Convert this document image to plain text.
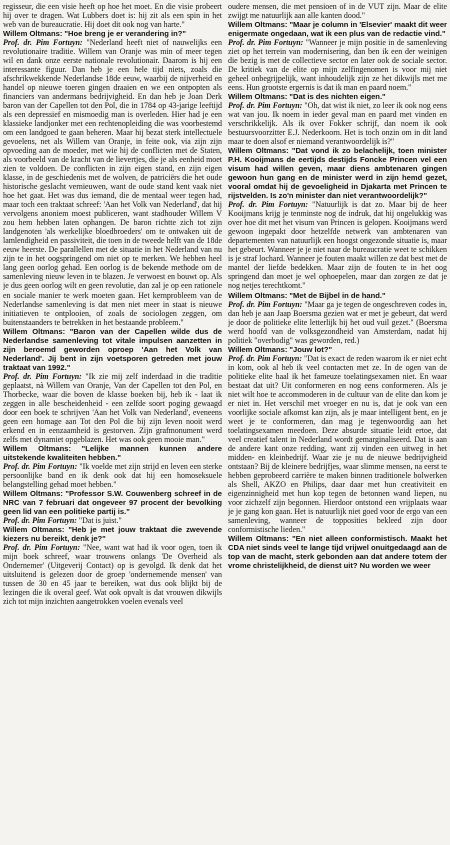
regisseur, die een visie heeft op hoe het moet. En die visie probeert hij over te dragen. Wat Lubbers doet is: hij zit als een spin in het web van de bureaucratie. Hij doet dit ook nog van harte."

Willem Oltmans: "Hoe breng je er verandering in?"

Prof. dr. Pim Fortuyn: "Nederland heeft niet of nauwelijks een revolutionaire traditie. Willem van Oranje was min of meer tegen wil en dank onze eerste nationale revolutionair. Daarom is hij een interessante figuur. Dan heb je een hele tijd niets, zoals die afschrikwekkende Nederlandse 18de eeuw, waarbij de nijverheid en handel op nieuwe toeren gingen draaien en we een ontpopten als financiers van andermans bedrijvigheid. En dan heb je Joan Derk baron van der Capellen tot den Pol, die in 1784 op 43-jarige leeftijd als een depressief en mismoedig man is overleden. Hier had je een klassieke landjonker met een rechtenopleiding die was voorbestemd om een landgoed te gaan beheren. Maar hij bezat sterk intellectuele gevoelens, net als Willem van Oranje, in feite ook, via zijn zijn opvoeding aan de moeder, met wie hij de conflicten met de Staten, als voorbeeld van de kracht van de lievertjes, die je als eenheid moet zien te voldoen. De conflicten in zijn eigen stand, en zijn eigen klasse, in de geschiedenis met de wolven, de patriciërs die het oude historische geslacht vernieuwen, want de oude stand kent vaak niet hoe het gaat. Het was dus iemand, die de mentaal weer tegen had, maar toch een traktaat schreef: 'Aan het Volk van Nederland', dat hij vervolgens anoniem moest publiceren, want stadhouder Willem V zou hem hebben laten ophangen. De baron richtte zich tot zijn landgenoten 'als werkelijke bloedbroeders' om te ontwaken uit de lamlendigheid en passiviteit, die toen in de tweede helft van de 18de eeuw heerste. De parallellen met de situatie in het Nederland van nu zijn te in het oogspringend om niet op te merken. We hebben heel lang geen oorlog gehad. Een oorlog is de bekende methode om de samenleving nieuw leven in te blazen. Je verwoest en bouwt op. Als je dus geen oorlog wilt en geen revolutie, dan zal je op een rationele en sociale manier te werk moeten gaan. Het kernprobleem van de Nederlandse samenleving is dat men niet meer in staat is nieuwe initiatieven te ontplooien, of zoals de sociologen zeggen, om buitenstaanders te betrekken in het bestaande probleem."

Willem Oltmans: "Baron van der Capellen wilde dus de Nederlandse samenleving tot vitale impulsen aanzetten in zijn beroemd geworden oproep 'Aan het Volk van Nederland'. Jij bent in zijn voetsporen getreden met jouw traktaat van 1992."

Prof. dr. Pim Fortuyn: "Ik zie mij zelf inderdaad in die traditie geplaatst, nà Willem van Oranje, Van der Capellen tot den Pol, en Thorbecke, waar die boven de klasse boeken bij, heb ik - laat ik zeggen in alle bescheidenheid - een zelfde soort poging gewaagd door een boek te schrijven 'Aan het Volk van Nederland', eveneens geen een homage aan Tot den Pol die bij zijn leven nooit werd erkend en in eenzaamheid is gestorven. Zijn grafmonument werd zelfs met dynamiet opgeblazen. Het was ook geen mooie man."

Willem Oltmans: "Lelijke mannen kunnen andere uitstekende kwaliteiten hebben."

Prof. dr. Pim Fortuyn: "Ik voelde met zijn strijd en leven een sterke persoonlijke band en ik denk ook dat hij een homoseksuele belangstelling gehad moet hebben."

Willem Oltmans: "Professor S.W. Couwenberg schreef in de NRC van 7 februari dat ongeveer 97 procent der bevolking geen lid van een politieke partij is."

Prof. dr. Pim Fortuyn: "Dat is juist."

Willem Oltmans: "Heb je met jouw traktaat die zwevende kiezers nu bereikt, denk je?"

Prof. dr. Pim Fortuyn: "Nee, want wat had ik voor ogen, toen ik mijn boek schreef, waar trouwens onlangs 'De Overheid als Ondernemer' (Uitgeverij Contact) op is gevolgd. Ik denk dat het uitsluitend is gelezen door de groep 'ondernemende mensen' van tussen de 30 en 45 jaar te bereiken, wat dus ook blijkt bij de lezingen die ik overal geef. Wat ook opvalt is dat vrouwen dikwijls zich tot mijn inzichten aangetrokken voelen evenals veel

oudere mensen, die met pensioen of in de VUT zijn. Maar de elite zwijgt me natuurlijk aan alle kanten dood."

Willem Oltmans: "Maar je column in 'Elsevier' maakt dit weer enigermate ongedaan, wat ik een plus van de redactie vind."

Prof. dr. Pim Fortuyn: "Wanneer je mijn positie in de samenleving ziet op het terrein van modernisering, dan ben ik een der weinigen die bezig is met de collectieve sector en later ook de sociale sector. De kritiek van de elite op mijn zelfingenomen is voor mij niet geheel onbegrijpelijk, want inhoudelijk zijn ze het dikwijls met me eens. Hun grootste ergernis is dat ik man en paard noem."

Willem Oltmans: "Dat is des nichten eigen."

Prof. dr. Pim Fortuyn: "Oh, dat wist ik niet, zo leer ik ook nog eens wat van jou. Ik noem in ieder geval man en paard met vinden en verschrikkelijk. Als ik over Fokker schrijf, dan noem ik ook bestuursvoorzitter E.J. Nederkoorn. Het is toch onzin om in dit land maar te doen alsof er niemand verantwoordelijk is?"

Willem Oltmans: "Dat vond ik zo belachelijk, toen minister P.H. Kooijmans de eertijds destijds Foncke Princen vel een visum had willen geven, maar diens ambtenaren gingen gewoon hun gang en de minister werd in zijn hemd gezet, vooral omdat hij de gevoeligheid in Djakarta met Princen te rijstvelden. Is zo'n minister dan niet verantwoordelijk?"

Prof. dr. Pim Fortuyn: "Natuurlijk is dat zo. Maar bij de heer Kooijmans krijg je tenminste nog de indruk, dat hij ongelukkig was over hoe dit met het visum van Princen is gelopen. Kooijmans werd gewoon ingepakt door hetzelfde netwerk van ambtenaren van departementen van natuurlijk een hoogst ongezonde situatie is, maar het gebeurt. Wanneer je je niet naar de bureaucratie weet te schikken is je straf lochard. Wanneer je fouten maakt willen ze dat best met de mantel der liefde bedekken. Maar zijn de fouten te in het oog springend dan moet je wel ophoepelen, maar dan zorgen ze dat je nog netjes terechtkomt."

Willem Oltmans: "Met de Bijbel in de hand."

Prof. dr. Pim Fortuyn: "Maar ga je tegen de ongeschreven codes in, dan heb je aan Jaap Boersma gezien wat er met je gebeurt, dat werd je door de politieke elite letterlijk bij het oud vuil gezet." (Boersma werd hoofd van de volksgezondheid van Amsterdam, nadat hij politiek "overbodig" was geworden, red.)

Willem Oltmans: "Jouw lot?"

Prof. dr. Pim Fortuyn: "Dat is exact de reden waarom ik er niet echt in kom, ook al heb ik veel contacten met ze. In de ogen van de politieke elite haal ik het fameuze toelatingsexamen niet. En waar bestaat dat uit? Uit conformeren en nog eens conformeren. Als je niet wilt hoe te accommoderen in de cultuur van de elite dan kom je er niet in. Het verschil met vroeger en nu is, dat je ook van een voorlijke sociale afkomst kan zijn, als je maar intelligent bent, en je weet je te conformeren, dan mag je tegenwoordig aan het toelatingsexamen meedoen. Deze absurde situatie leidt ertoe, dat veel creatief talent in Nederland wordt gemarginaliseerd. Dat is aan de andere kant onze redding, want zij vinden een uitweg in het midden- en kleinbedrijf. Waar zie je nu de nieuwe bedrijvigheid ontstaan? Bij de kleinere bedrijfjes, waar slimme mensen, na eerst te hebben geprobeerd carrière te maken binnen traditionele bolwerken als Shell, AKZO en Philips, daar daar met hun creativiteit en eigenzinnigheid met hun kop tegen de betonnen wand liepen, nu voor zichzelf zijn begonnen. Hierdoor ontstond een vrijplaats waar je je gang kon gaan. Het is natuurlijk niet goed voor de ergo van een samenleving, wanneer de topposities bekleed zijn door conformistische lieden."

Willem Oltmans: "En niet alleen conformistisch. Maakt het CDA niet sinds veel te lange tijd vrijwel onuitgedaagd aan de top van de macht, sterk gebonden aan dat andere totem der vrome christelijkheid, de dienst uit? Nu worden we weer
